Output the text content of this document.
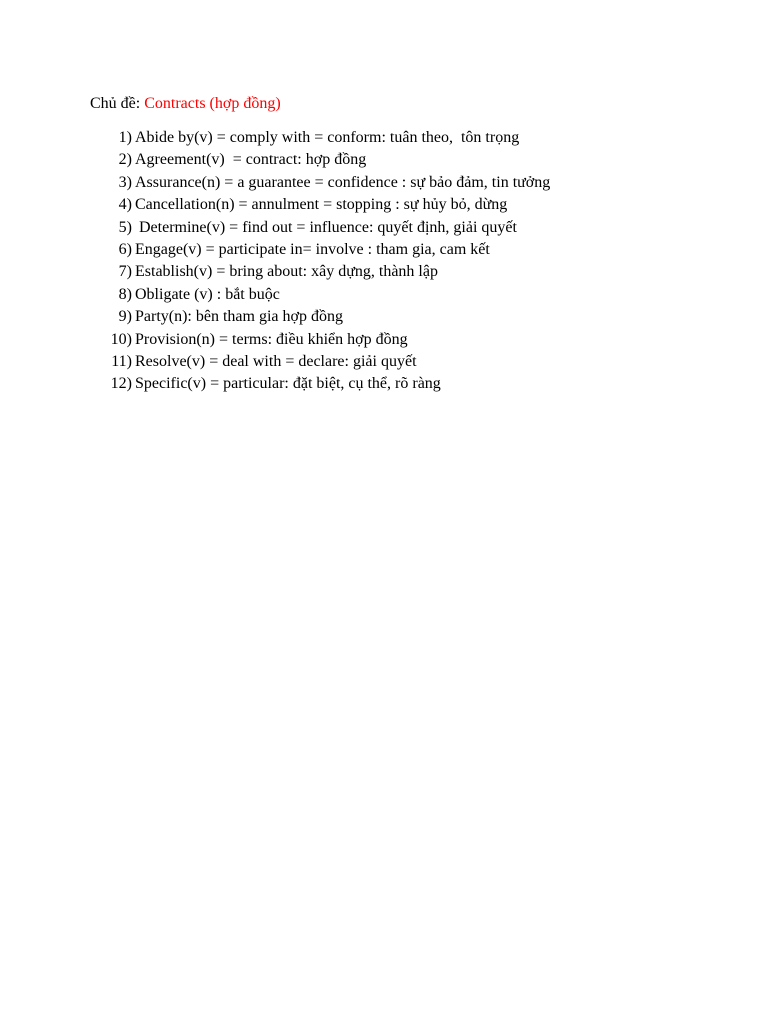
Chủ đề: Contracts (hợp đồng)
1) Abide by(v) = comply with = conform: tuân theo,  tôn trọng
2) Agreement(v)  = contract: hợp đồng
3) Assurance(n) = a guarantee = confidence : sự bảo đảm, tin tưởng
4) Cancellation(n) = annulment = stopping : sự hủy bỏ, dừng
5) Determine(v) = find out = influence: quyết định, giải quyết
6) Engage(v) = participate in= involve : tham gia, cam kết
7) Establish(v) = bring about: xây dựng, thành lập
8) Obligate (v) : bắt buộc
9) Party(n): bên tham gia hợp đồng
10) Provision(n) = terms: điều khiển hợp đồng
11) Resolve(v) = deal with = declare: giải quyết
12) Specific(v) = particular: đặt biệt, cụ thể, rõ ràng
